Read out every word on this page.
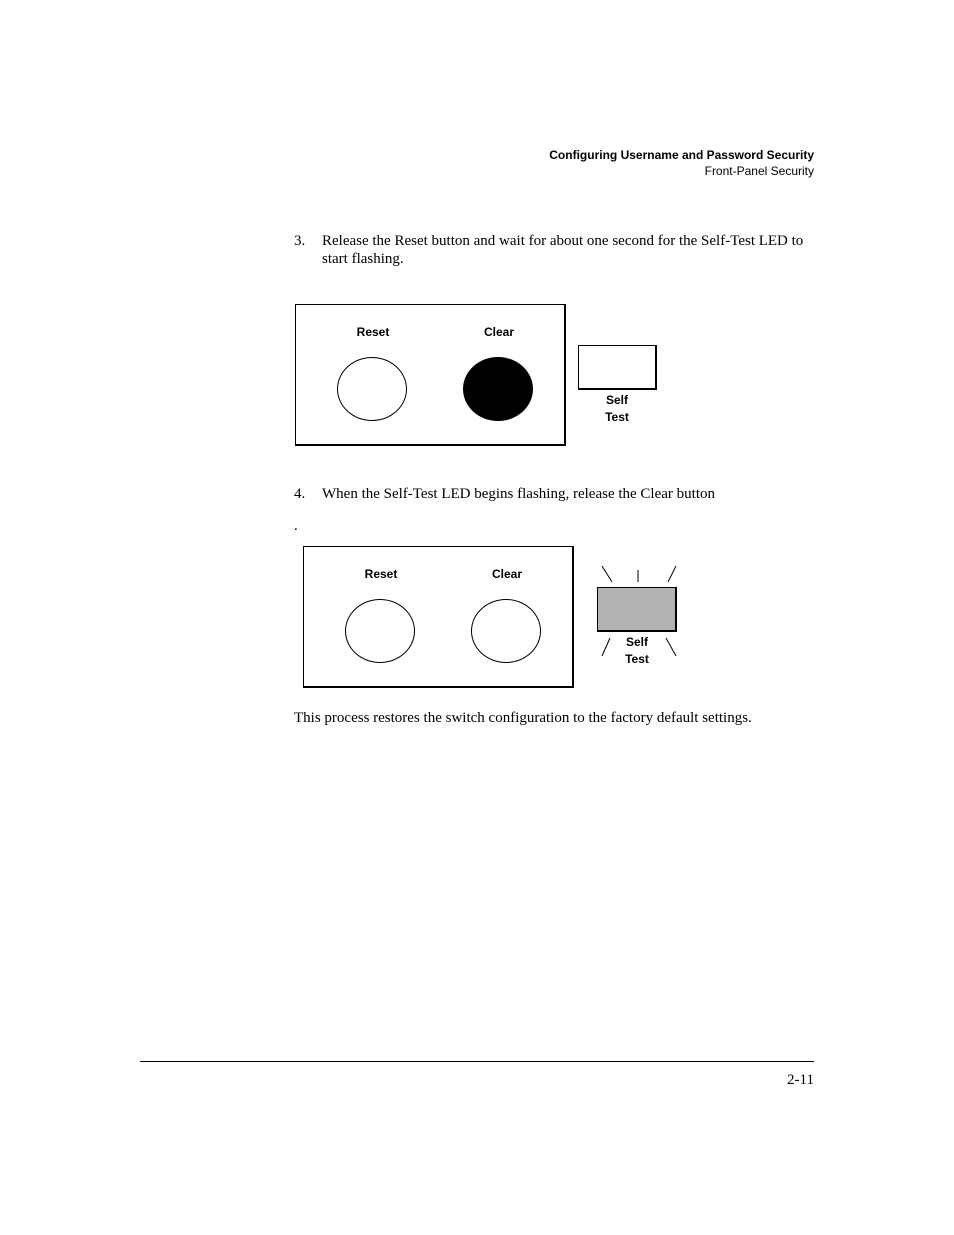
Configuring Username and Password Security
Front-Panel Security
3. Release the Reset button and wait for about one second for the Self-Test LED to start flashing.
Reset	Clear
Self
Test
4. When the Self-Test LED begins flashing, release the Clear button
.
Reset	Clear
Self
Test
This process restores the switch configuration to the factory default settings.
2-11
